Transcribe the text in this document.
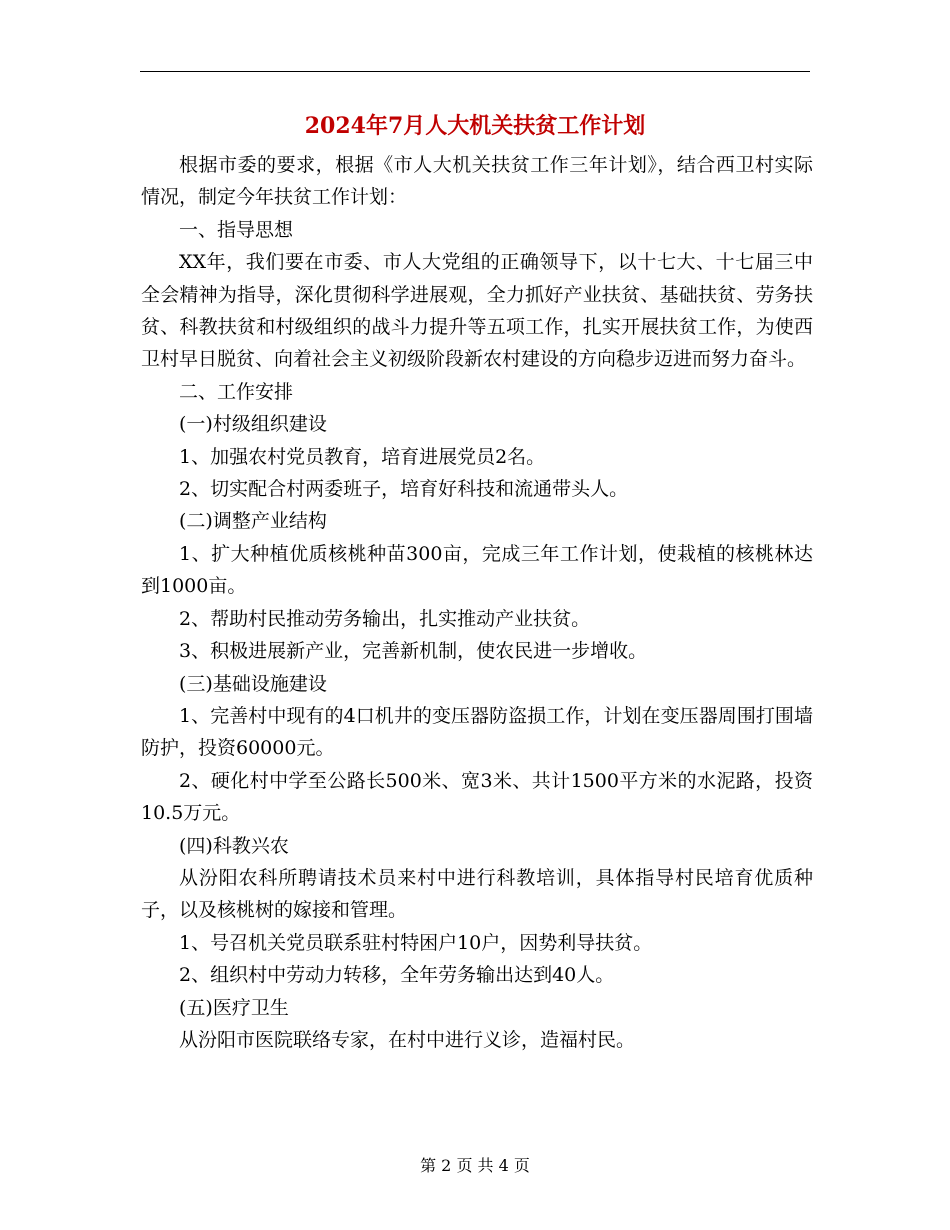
2024年7月人大机关扶贫工作计划

根据市委的要求，根据《市人大机关扶贫工作三年计划》，结合西卫村实际情况，制定今年扶贫工作计划：

一、指导思想

XX年，我们要在市委、市人大党组的正确领导下，以十七大、十七届三中全会精神为指导，深化贯彻科学进展观，全力抓好产业扶贫、基础扶贫、劳务扶贫、科教扶贫和村级组织的战斗力提升等五项工作，扎实开展扶贫工作，为使西卫村早日脱贫、向着社会主义初级阶段新农村建设的方向稳步迈进而努力奋斗。

二、工作安排

(一)村级组织建设

1、加强农村党员教育，培育进展党员2名。

2、切实配合村两委班子，培育好科技和流通带头人。

(二)调整产业结构

1、扩大种植优质核桃种苗300亩，完成三年工作计划，使栽植的核桃林达到1000亩。

2、帮助村民推动劳务输出，扎实推动产业扶贫。

3、积极进展新产业，完善新机制，使农民进一步增收。

(三)基础设施建设

1、完善村中现有的4口机井的变压器防盗损工作，计划在变压器周围打围墙防护，投资60000元。

2、硬化村中学至公路长500米、宽3米、共计1500平方米的水泥路，投资10.5万元。

(四)科教兴农

从汾阳农科所聘请技术员来村中进行科教培训，具体指导村民培育优质种子，以及核桃树的嫁接和管理。

1、号召机关党员联系驻村特困户10户，因势利导扶贫。

2、组织村中劳动力转移，全年劳务输出达到40人。

(五)医疗卫生

从汾阳市医院联络专家，在村中进行义诊，造福村民。

第 2 页 共 4 页
